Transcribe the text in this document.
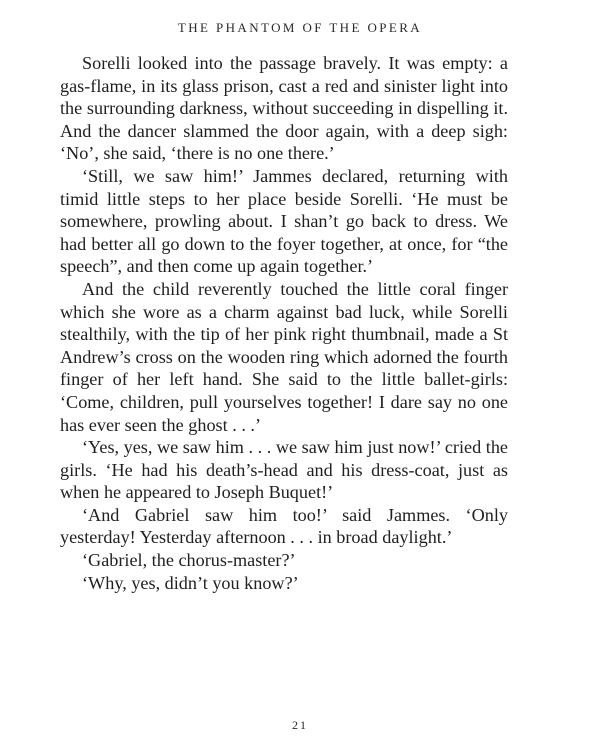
THE PHANTOM OF THE OPERA

Sorelli looked into the passage bravely. It was empty: a gas-flame, in its glass prison, cast a red and sinister light into the surrounding darkness, without succeeding in dispelling it. And the dancer slammed the door again, with a deep sigh: ‘No’, she said, ‘there is no one there.’

‘Still, we saw him!’ Jammes declared, returning with timid little steps to her place beside Sorelli. ‘He must be somewhere, prowling about. I shan’t go back to dress. We had better all go down to the foyer together, at once, for “the speech”, and then come up again together.’

And the child reverently touched the little coral finger which she wore as a charm against bad luck, while Sorelli stealthily, with the tip of her pink right thumbnail, made a St Andrew’s cross on the wooden ring which adorned the fourth finger of her left hand. She said to the little ballet-girls: ‘Come, children, pull yourselves together! I dare say no one has ever seen the ghost . . .’

‘Yes, yes, we saw him . . . we saw him just now!’ cried the girls. ‘He had his death’s-head and his dress-coat, just as when he appeared to Joseph Buquet!’

‘And Gabriel saw him too!’ said Jammes. ‘Only yesterday! Yesterday afternoon . . . in broad daylight.’

‘Gabriel, the chorus-master?’

‘Why, yes, didn’t you know?’

21
